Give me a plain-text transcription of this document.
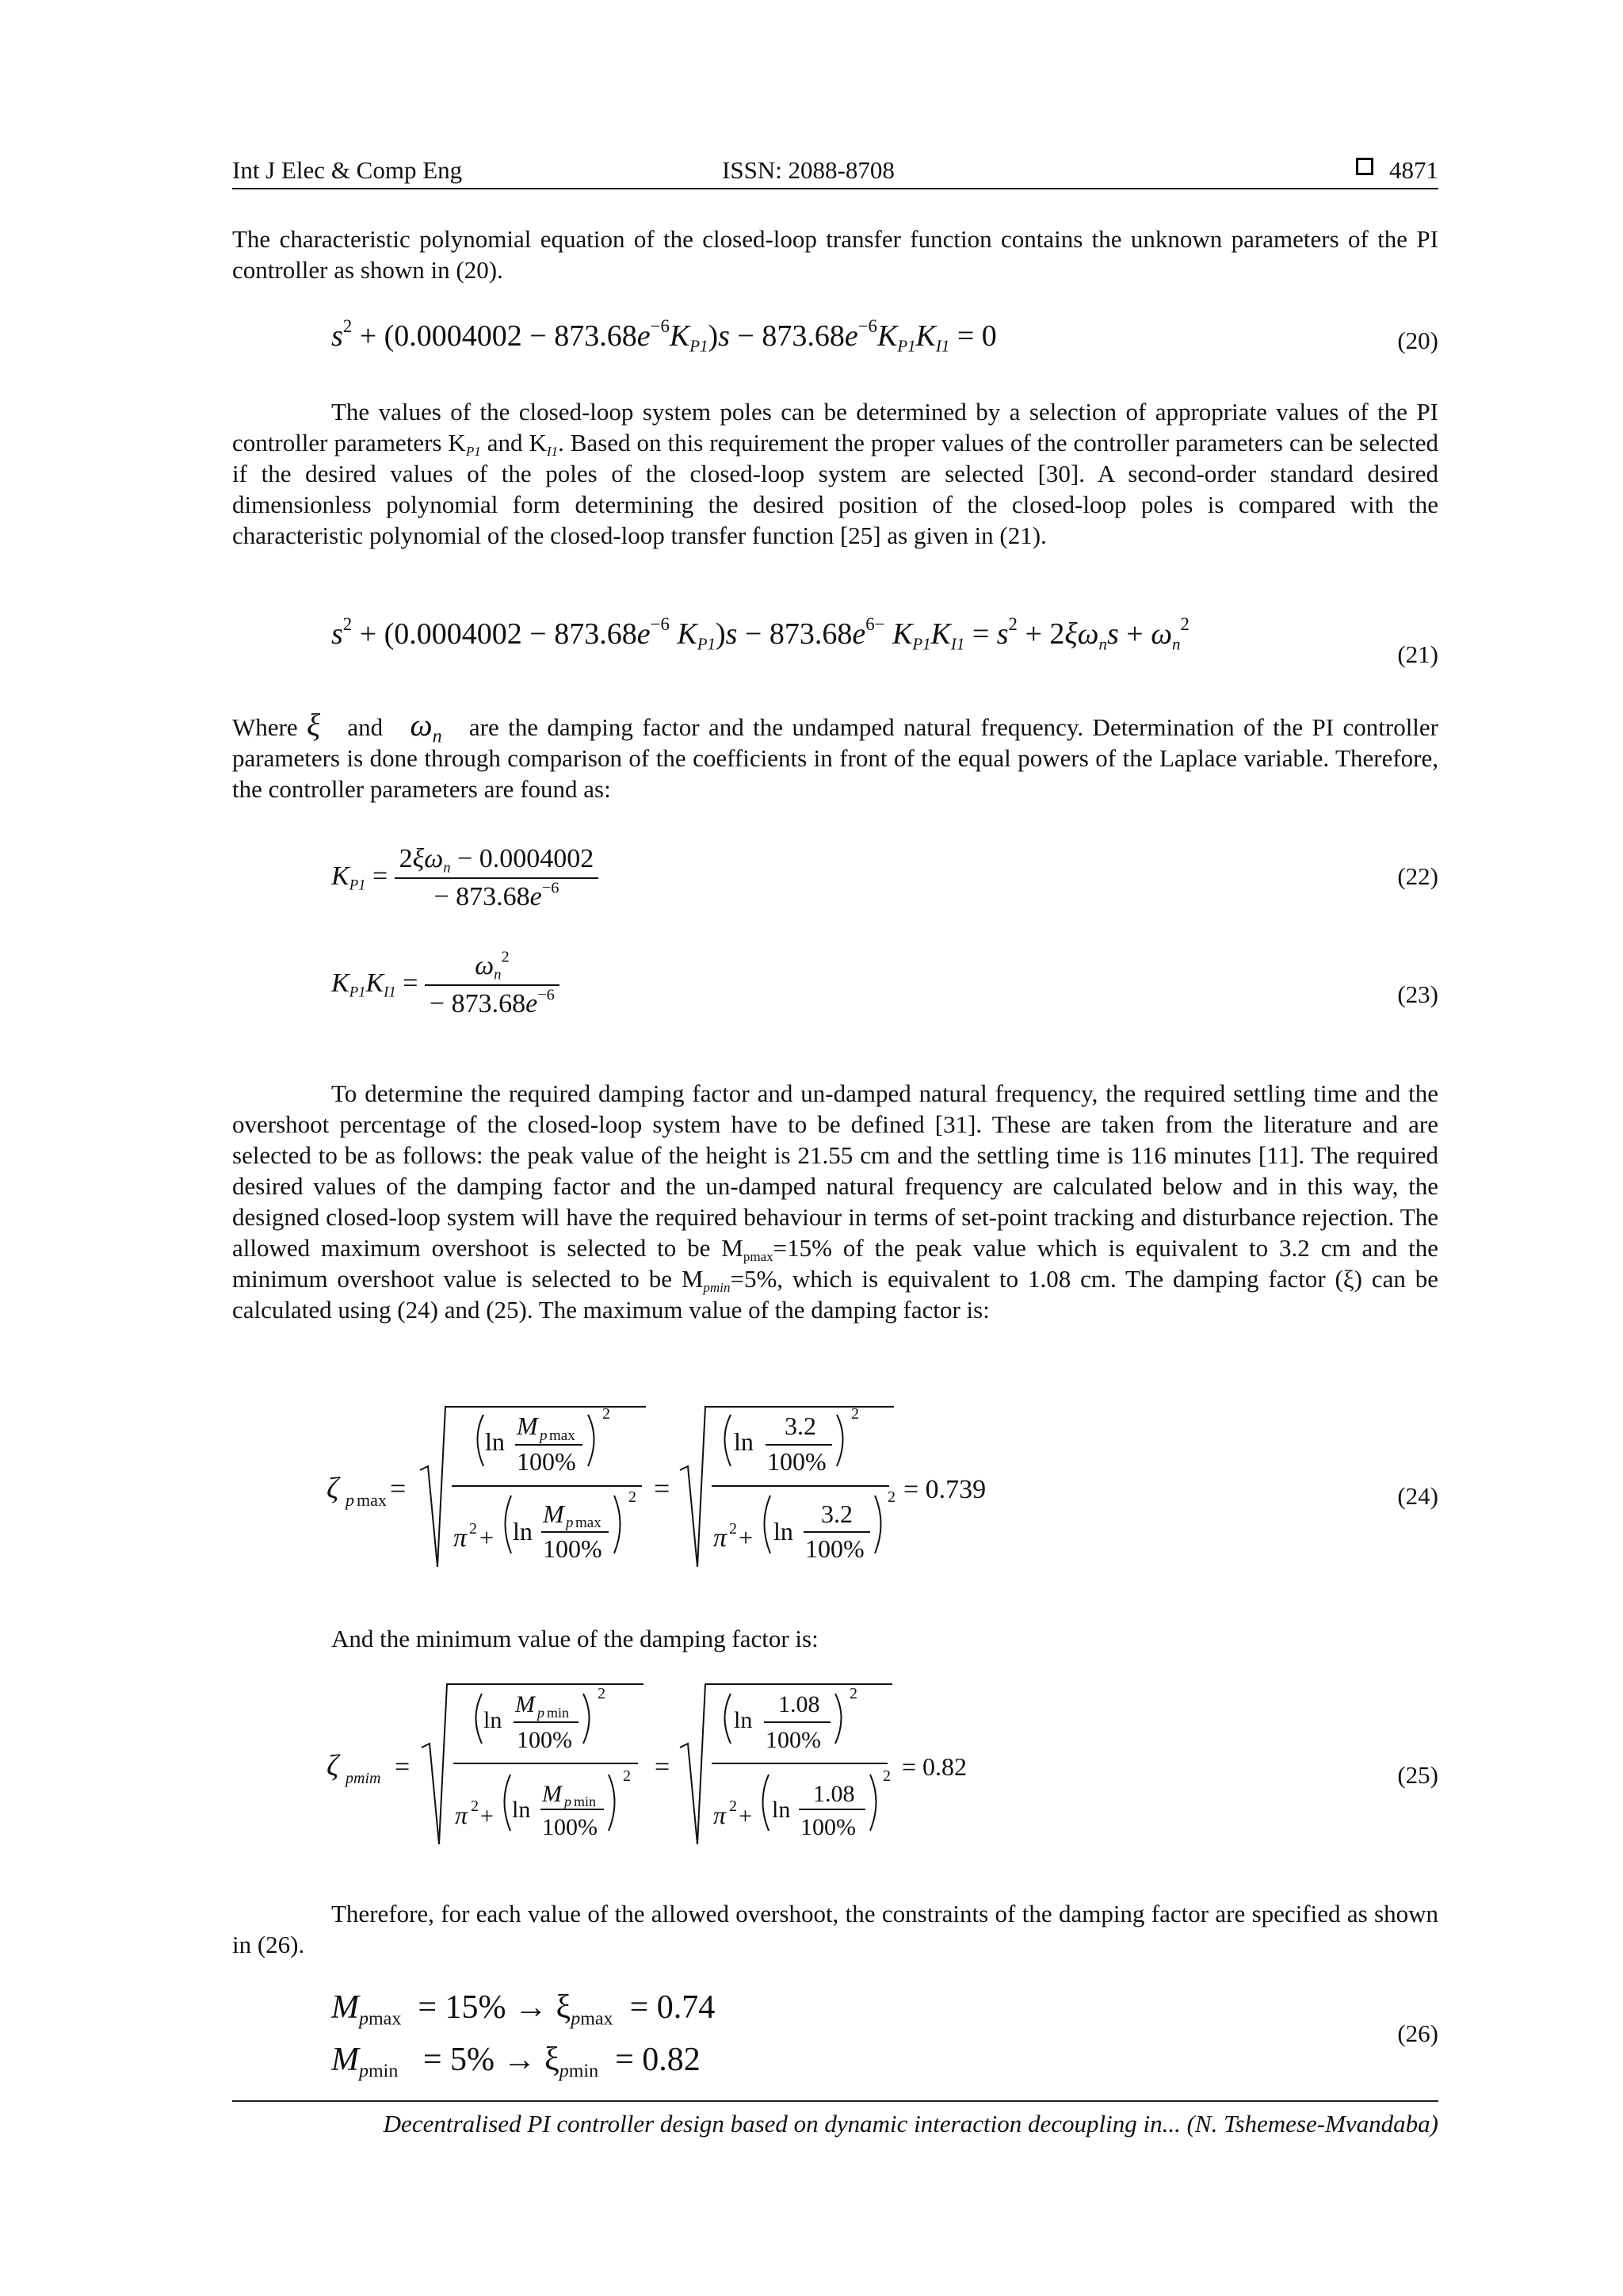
Int J Elec & Comp Eng	ISSN: 2088-8708	4871
The characteristic polynomial equation of the closed-loop transfer function contains the unknown parameters of the PI controller as shown in (20).
$s^2 + (0.0004002 - 873.68e^{-6}K_{P1})s - 873.68e^{-6}K_{P1}K_{I1} = 0$	(20)
The values of the closed-loop system poles can be determined by a selection of appropriate values of the PI controller parameters $K_{P1}$ and $K_{I1}$. Based on this requirement the proper values of the controller parameters can be selected if the desired values of the poles of the closed-loop system are selected [30]. A second-order standard desired dimensionless polynomial form determining the desired position of the closed-loop poles is compared with the characteristic polynomial of the closed-loop transfer function [25] as given in (21).
$s^2 + (0.0004002 - 873.68e^{-6}$ $K_{P1})s - 873.68e^{6-}$ $K_{P1}K_{I1} = s^2 + 2\xi\omega_ns + \omega_n^2$
(21)
Where ξ and $\omega_n$ are the damping factor and the undamped natural frequency. Determination of the PI controller parameters is done through comparison of the coefficients in front of the equal powers of the Laplace variable. Therefore, the controller parameters are found as:
$K_{P1} = \frac{2\xi\omega_n - 0.0004002}{- 873.68e^{-6}}$	(22)
$K_{P1}K_{I1} = \frac{\omega_n^2}{- 873.68e^{-6}}$	(23)
To determine the required damping factor and un-damped natural frequency, the required settling time and the overshoot percentage of the closed-loop system have to be defined [31]. These are taken from the literature and are selected to be as follows: the peak value of the height is 21.55 cm and the settling time is 116 minutes [11]. The required desired values of the damping factor and the un-damped natural frequency are calculated below and in this way, the designed closed-loop system will have the required behaviour in terms of set-point tracking and disturbance rejection. The allowed maximum overshoot is selected to be $M_{pmax}=15\%$ of the peak value which is equivalent to 3.2 cm and the minimum overshoot value is selected to be $M_{pmin}=5\%$, which is equivalent to 1.08 cm. The damping factor (ξ) can be calculated using (24) and (25). The maximum value of the damping factor is:
ζ p max =
ln
M p max
100%
2
π 2 + ln
M p max
100%
2 =
ln
3.2
100%
2
π 2 + ln
3.2
100%
2 = 0.739	(24)
And the minimum value of the damping factor is:
ζ pmim =
ln
M p min
100%
2
π 2 + ln
M p min
100%
2 =
ln
1.08
100%
2
π 2 + ln
1.08
100%
2 = 0.82	(25)
Therefore, for each value of the allowed overshoot, the constraints of the damping factor are specified as shown in (26).
$M_{pmax} = 15\% \to \xi_{pmax} = 0.74$
$M_{pmin} = 5\% \to \xi_{pmin} = 0.82$
(26)
Decentralised PI controller design based on dynamic interaction decoupling in... (N. Tshemese-Mvandaba)
